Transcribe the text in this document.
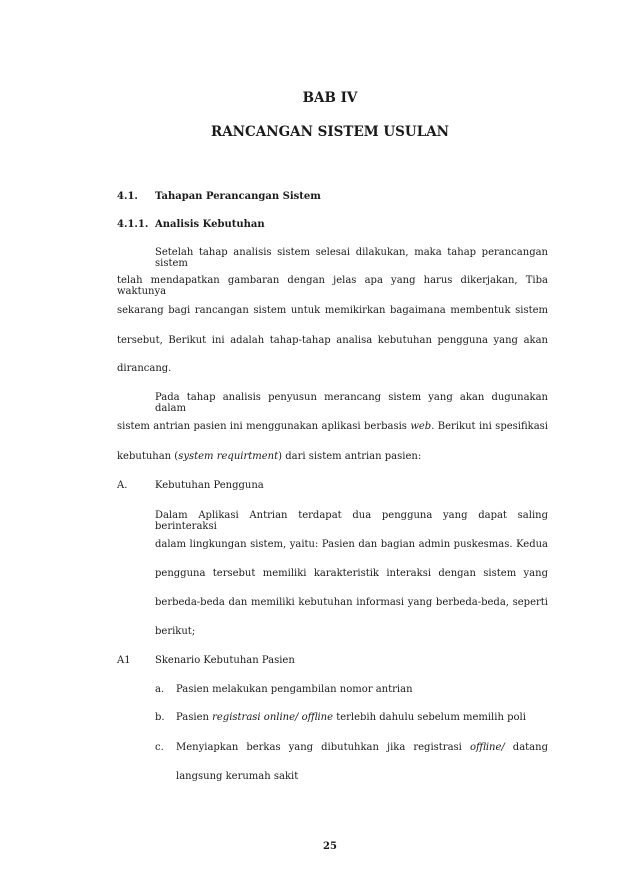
BAB IV
RANCANGAN SISTEM USULAN
4.1. Tahapan Perancangan Sistem
4.1.1. Analisis Kebutuhan
Setelah tahap analisis sistem selesai dilakukan, maka tahap perancangan sistem
telah mendapatkan gambaran dengan jelas apa yang harus dikerjakan, Tiba waktunya
sekarang bagi rancangan sistem untuk memikirkan bagaimana membentuk sistem
tersebut, Berikut ini adalah tahap-tahap analisa kebutuhan pengguna yang akan
dirancang.
Pada tahap analisis penyusun merancang sistem yang akan dugunakan dalam
sistem antrian pasien ini menggunakan aplikasi berbasis web. Berikut ini spesifikasi
kebutuhan (system requirtment) dari sistem antrian pasien:
A.	Kebutuhan Pengguna
Dalam Aplikasi Antrian terdapat dua pengguna yang dapat saling berinteraksi
dalam lingkungan sistem, yaitu: Pasien dan bagian admin puskesmas. Kedua
pengguna tersebut memiliki karakteristik interaksi dengan sistem yang
berbeda-beda dan memiliki kebutuhan informasi yang berbeda-beda, seperti
berikut;
A1 Skenario Kebutuhan Pasien
a. Pasien melakukan pengambilan nomor antrian
b. Pasien registrasi online/ offline terlebih dahulu sebelum memilih poli
c. Menyiapkan berkas yang dibutuhkan jika registrasi offline/ datang
langsung kerumah sakit
25
